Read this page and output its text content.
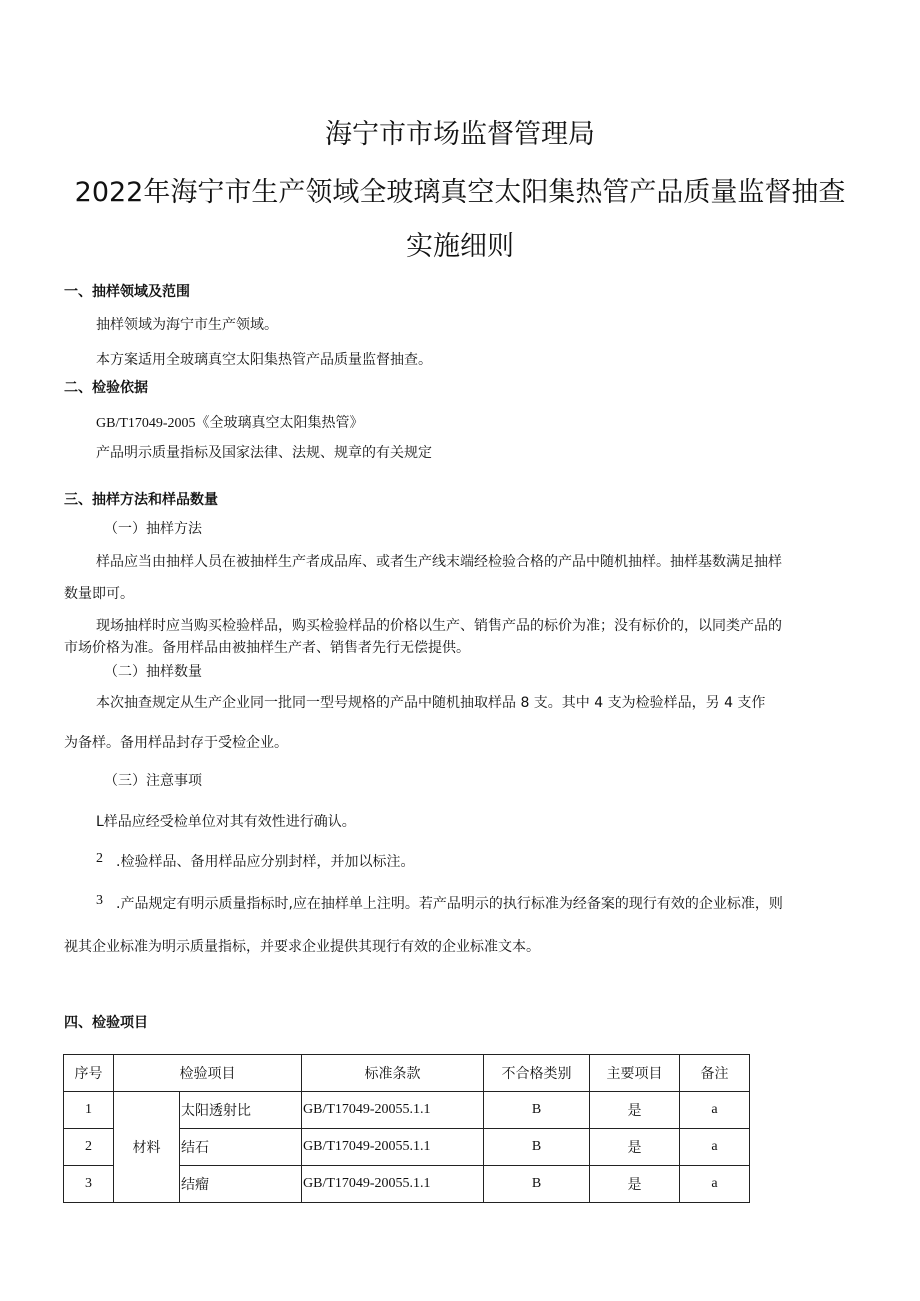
海宁市市场监督管理局
2022年海宁市生产领域全玻璃真空太阳集热管产品质量监督抽查
实施细则
一、抽样领域及范围
抽样领域为海宁市生产领域。
本方案适用全玻璃真空太阳集热管产品质量监督抽查。
二、检验依据
GB/T17049-2005《全玻璃真空太阳集热管》
产品明示质量指标及国家法律、法规、规章的有关规定
三、抽样方法和样品数量
（一）抽样方法
样品应当由抽样人员在被抽样生产者成品库、或者生产线末端经检验合格的产品中随机抽样。抽样基数满足抽样
数量即可。
现场抽样时应当购买检验样品，购买检验样品的价格以生产、销售产品的标价为准；没有标价的，以同类产品的
市场价格为准。备用样品由被抽样生产者、销售者先行无偿提供。
（二）抽样数量
本次抽查规定从生产企业同一批同一型号规格的产品中随机抽取样品 8 支。其中 4 支为检验样品，另 4 支作
为备样。备用样品封存于受检企业。
（三）注意事项
L样品应经受检单位对其有效性进行确认。
2 .检验样品、备用样品应分别封样，并加以标注。
3 .产品规定有明示质量指标时,应在抽样单上注明。若产品明示的执行标准为经备案的现行有效的企业标准，则
视其企业标准为明示质量指标，并要求企业提供其现行有效的企业标准文本。
四、检验项目
序号	检验项目		标准条款	不合格类别	主要项目	备注
1	材料	太阳透射比	GB/T17049-20055.1.1	B	是	a
2		结石	GB/T17049-20055.1.1	B	是	a
3		结瘤	GB/T17049-20055.1.1	B	是	a
